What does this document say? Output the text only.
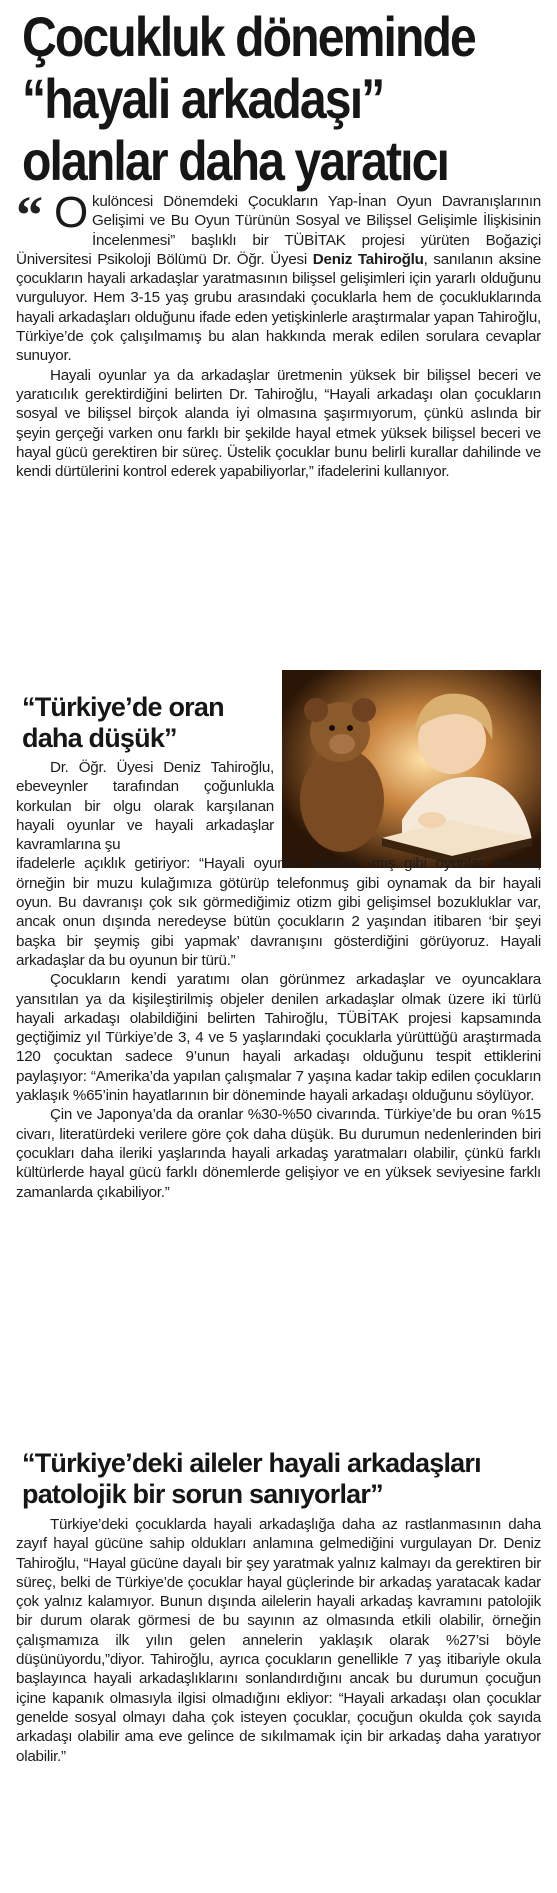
Çocukluk döneminde
“hayali arkadaşı”
olanlar daha yaratıcı
“ Okulöncesi Dönemdeki Çocukların Yap-İnan Oyun Davranışlarının Gelişimi ve Bu Oyun Türünün Sosyal ve Bilişsel Gelişimle İlişkisinin İncelenmesi” başlıklı bir TÜBİTAK projesi yürüten Boğaziçi Üniversitesi Psikoloji Bölümü Dr. Öğr. Üyesi Deniz Tahiroğlu, sanılanın aksine çocukların hayali arkadaşlar yaratmasının bilişsel gelişimleri için yararlı olduğunu vurguluyor. Hem 3-15 yaş grubu arasındaki çocuklarla hem de çocukluklarında hayali arkadaşları olduğunu ifade eden yetişkinlerle araştırmalar yapan Tahiroğlu, Türkiye’de çok çalışılmamış bu alan hakkında merak edilen sorulara cevaplar sunuyor.

Hayali oyunlar ya da arkadaşlar üretmenin yüksek bir bilişsel beceri ve yaratıcılık gerektirdiğini belirten Dr. Tahiroğlu, “Hayali arkadaşı olan çocukların sosyal ve bilişsel birçok alanda iyi olmasına şaşırmıyorum, çünkü aslında bir şeyin gerçeği varken onu farklı bir şekilde hayal etmek yüksek bilişsel beceri ve hayal gücü gerektiren bir süreç. Üstelik çocuklar bunu belirli kurallar dahilinde ve kendi dürtülerini kontrol ederek yapabiliyorlar,” ifadelerini kullanıyor.

“Türkiye’de oran daha düşük”

Dr. Öğr. Üyesi Deniz Tahiroğlu, ebeveynler tarafından çoğunlukla korkulan bir olgu olarak karşılanan hayali oyunlar ve hayali arkadaşlar kavramlarına şu

ifadelerle açıklık getiriyor: “Hayali oyunlar aslında -mış gibi oyunlar demek, örneğin bir muzu kulağımıza götürüp telefonmuş gibi oynamak da bir hayali oyun. Bu davranışı çok sık görmediğimiz otizm gibi gelişimsel bozukluklar var, ancak onun dışında neredeyse bütün çocukların 2 yaşından itibaren ‘bir şeyi başka bir şeymiş gibi yapmak’ davranışını gösterdiğini görüyoruz. Hayali arkadaşlar da bu oyunun bir türü.”

Çocukların kendi yaratımı olan görünmez arkadaşlar ve oyuncaklara yansıtılan ya da kişileştirilmiş objeler denilen arkadaşlar olmak üzere iki türlü hayali arkadaşı olabildiğini belirten Tahiroğlu, TÜBİTAK projesi kapsamında geçtiğimiz yıl Türkiye’de 3, 4 ve 5 yaşlarındaki çocuklarla yürüttüğü araştırmada 120 çocuktan sadece 9’unun hayali arkadaşı olduğunu tespit ettiklerini paylaşıyor: “Amerika’da yapılan çalışmalar 7 yaşına kadar takip edilen çocukların yaklaşık %65’inin hayatlarının bir döneminde hayali arkadaşı olduğunu söylüyor.

Çin ve Japonya’da da oranlar %30-%50 civarında. Türkiye’de bu oran %15 civarı, literatürdeki verilere göre çok daha düşük. Bu durumun nedenlerinden biri çocukları daha ileriki yaşlarında hayali arkadaş yaratmaları olabilir, çünkü farklı kültürlerde hayal gücü farklı dönemlerde gelişiyor ve en yüksek seviyesine farklı zamanlarda çıkabiliyor.”

“Türkiye’deki aileler hayali arkadaşları patolojik bir sorun sanıyorlar”

Türkiye’deki çocuklarda hayali arkadaşlığa daha az rastlanmasının daha zayıf hayal gücüne sahip oldukları anlamına gelmediğini vurgulayan Dr. Deniz Tahiroğlu, “Hayal gücüne dayalı bir şey yaratmak yalnız kalmayı da gerektiren bir süreç, belki de Türkiye’de çocuklar hayal güçlerinde bir arkadaş yaratacak kadar çok yalnız kalamıyor. Bunun dışında ailelerin hayali arkadaş kavramını patolojik bir durum olarak görmesi de bu sayının az olmasında etkili olabilir, örneğin çalışmamıza ilk yılın gelen annelerin yaklaşık olarak %27’si böyle düşünüyordu,”diyor. Tahiroğlu, ayrıca çocukların genellikle 7 yaş itibariyle okula başlayınca hayali arkadaşlıklarını sonlandırdığını ancak bu durumun çocuğun içine kapanık olmasıyla ilgisi olmadığını ekliyor: “Hayali arkadaşı olan çocuklar genelde sosyal olmayı daha çok isteyen çocuklar, çocuğun okulda çok sayıda arkadaşı olabilir ama eve gelince de sıkılmamak için bir arkadaş daha yaratıyor olabilir.”
